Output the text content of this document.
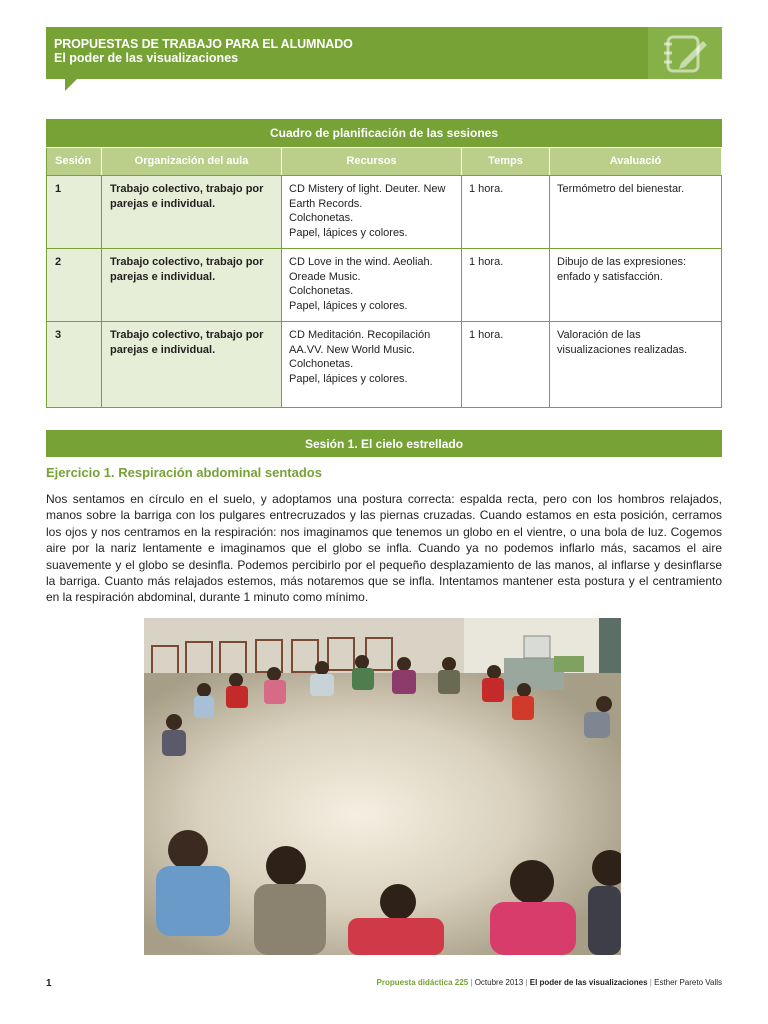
PROPUESTAS DE TRABAJO PARA EL ALUMNADO
El poder de las visualizaciones
Cuadro de planificación de las sesiones				
Sesión	Organización del aula	Recursos	Temps	Avaluació
1	Trabajo colectivo, trabajo por parejas e individual.	CD Mistery of light. Deuter. New Earth Records.
Colchonetas.
Papel, lápices y colores.	1 hora.	Termómetro del bienestar.
2	Trabajo colectivo, trabajo por parejas e individual.	CD Love in the wind. Aeoliah. Oreade Music.
Colchonetas.
Papel, lápices y colores.	1 hora.	Dibujo de las expresiones: enfado y satisfacción.
3	Trabajo colectivo, trabajo por parejas e individual.	CD Meditación. Recopilación AA.VV. New World Music.
Colchonetas.
Papel, lápices y colores.	1 hora.	Valoración de las visualizaciones realizadas.
Sesión 1. El cielo estrellado
Ejercicio 1. Respiración abdominal sentados

Nos sentamos en círculo en el suelo, y adoptamos una postura correcta: espalda recta, pero con los hombros relajados, manos sobre la barriga con los pulgares entrecruzados y las piernas cruzadas. Cuando estamos en esta posición, cerramos los ojos y nos centramos en la respiración: nos imaginamos que tenemos un globo en el vientre, o una bola de luz. Cogemos aire por la nariz lentamente e imaginamos que el globo se infla. Cuando ya no podemos inflarlo más, sacamos el aire suavemente y el globo se desinfla. Podemos percibirlo por el pequeño desplazamiento de las manos, al inflarse y desinflarse la barriga. Cuanto más relajados estemos, más notaremos que se infla. Intentamos mantener esta postura y el centramiento en la respiración abdominal, durante 1 minuto como mínimo.

1	Propuesta didáctica 225 | Octubre 2013 | El poder de las visualizaciones | Esther Pareto Valls
